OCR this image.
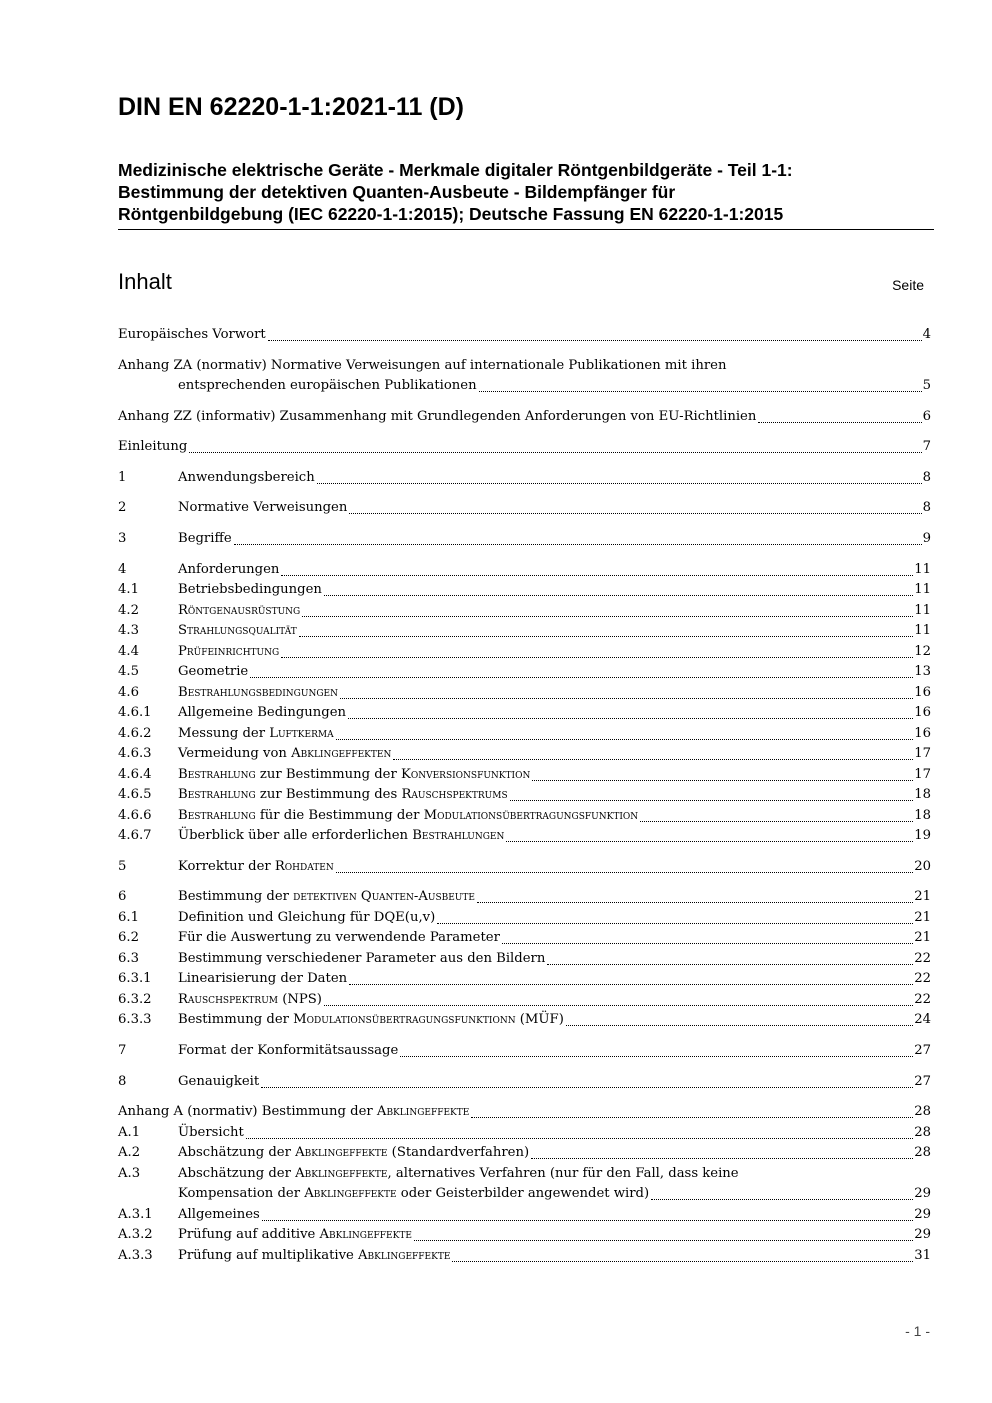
DIN EN 62220-1-1:2021-11 (D)
Medizinische elektrische Geräte - Merkmale digitaler Röntgenbildgeräte - Teil 1-1:
Bestimmung der detektiven Quanten-Ausbeute - Bildempfänger für
Röntgenbildgebung (IEC 62220-1-1:2015); Deutsche Fassung EN 62220-1-1:2015
Inhalt	Seite
Europäisches Vorwort	4
Anhang ZA (normativ) Normative Verweisungen auf internationale Publikationen mit ihren
entsprechenden europäischen Publikationen	5
Anhang ZZ (informativ) Zusammenhang mit Grundlegenden Anforderungen von EU-Richtlinien	6
Einleitung	7
1	Anwendungsbereich	8
2	Normative Verweisungen	8
3	Begriffe	9
4	Anforderungen	11
4.1	Betriebsbedingungen	11
4.2	Röntgenausrüstung	11
4.3	Strahlungsqualität	11
4.4	Prüfeinrichtung	12
4.5	Geometrie	13
4.6	Bestrahlungsbedingungen	16
4.6.1 Allgemeine Bedingungen	16
4.6.2 Messung der Luftkerma	16
4.6.3 Vermeidung von Abklingeffekten	17
4.6.4 Bestrahlung zur Bestimmung der Konversionsfunktion	17
4.6.5 Bestrahlung zur Bestimmung des Rauschspektrums	18
4.6.6 Bestrahlung für die Bestimmung der Modulationsübertragungsfunktion	18
4.6.7 Überblick über alle erforderlichen Bestrahlungen	19
5	Korrektur der Rohdaten	20
6	Bestimmung der detektiven Quanten-Ausbeute	21
6.1	Definition und Gleichung für DQE(u,v)	21
6.2	Für die Auswertung zu verwendende Parameter	21
6.3	Bestimmung verschiedener Parameter aus den Bildern	22
6.3.1 Linearisierung der Daten	22
6.3.2 Rauschspektrum (NPS)	22
6.3.3 Bestimmung der Modulationsübertragungsfunktionn (MÜF)	24
7	Format der Konformitätsaussage	27
8	Genauigkeit	27
Anhang A (normativ) Bestimmung der Abklingeffekte	28
A.1	Übersicht	28
A.2	Abschätzung der Abklingeffekte (Standardverfahren)	28
A.3	Abschätzung der Abklingeffekte, alternatives Verfahren (nur für den Fall, dass keine
Kompensation der Abklingeffekte oder Geisterbilder angewendet wird)	29
A.3.1 Allgemeines	29
A.3.2 Prüfung auf additive Abklingeffekte	29
A.3.3 Prüfung auf multiplikative Abklingeffekte	31
- 1 -
